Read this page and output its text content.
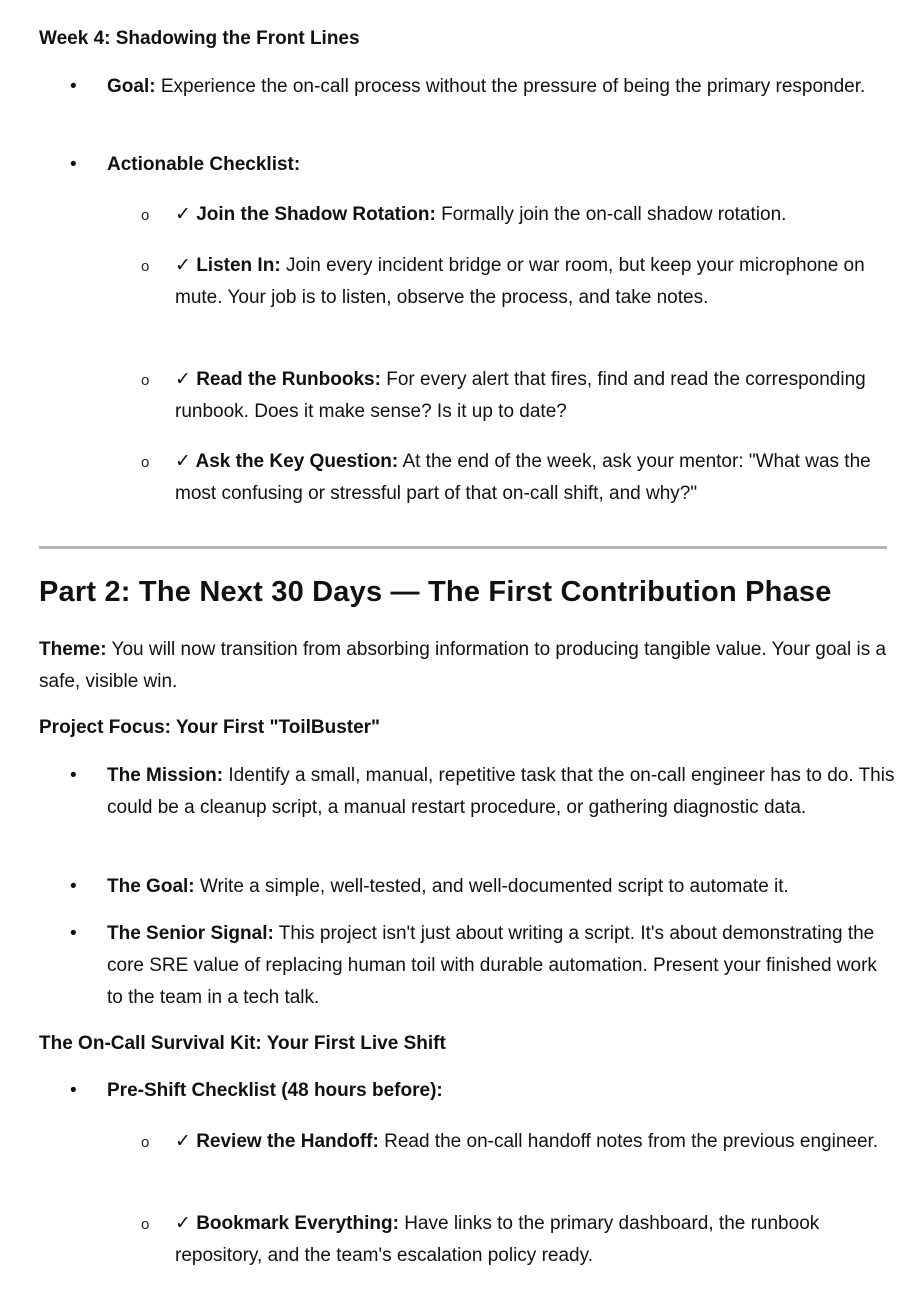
Week 4: Shadowing the Front Lines
• Goal: Experience the on-call process without the pressure of being the primary responder.
• Actionable Checklist:
o ✓ Join the Shadow Rotation: Formally join the on-call shadow rotation.
o ✓ Listen In: Join every incident bridge or war room, but keep your microphone on mute. Your job is to listen, observe the process, and take notes.
o ✓ Read the Runbooks: For every alert that fires, find and read the corresponding runbook. Does it make sense? Is it up to date?
o ✓ Ask the Key Question: At the end of the week, ask your mentor: "What was the most confusing or stressful part of that on-call shift, and why?"
Part 2: The Next 30 Days — The First Contribution Phase

Theme: You will now transition from absorbing information to producing tangible value. Your goal is a safe, visible win.

Project Focus: Your First "ToilBuster"
• The Mission: Identify a small, manual, repetitive task that the on-call engineer has to do. This could be a cleanup script, a manual restart procedure, or gathering diagnostic data.
• The Goal: Write a simple, well-tested, and well-documented script to automate it.
• The Senior Signal: This project isn't just about writing a script. It's about demonstrating the core SRE value of replacing human toil with durable automation. Present your finished work to the team in a tech talk.
The On-Call Survival Kit: Your First Live Shift
• Pre-Shift Checklist (48 hours before):
o ✓ Review the Handoff: Read the on-call handoff notes from the previous engineer.
o ✓ Bookmark Everything: Have links to the primary dashboard, the runbook repository, and the team's escalation policy ready.
